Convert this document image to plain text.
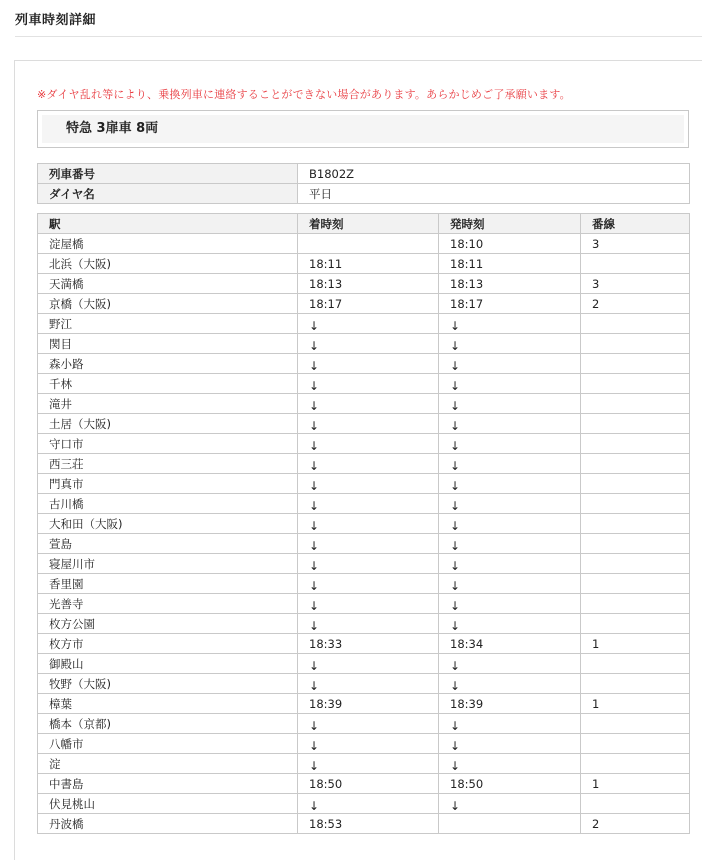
列車時刻詳細
※ダイヤ乱れ等により、乗換列車に連絡することができない場合があります。あらかじめご了承願います。
特急 3扉車 8両
列車番号	B1802Z
ダイヤ名	平日
駅	着時刻	発時刻	番線
淀屋橋		18:10	3
北浜（大阪)	18:11	18:11	
天満橋	18:13	18:13	3
京橋（大阪)	18:17	18:17	2
野江	↓	↓	
関目	↓	↓	
森小路	↓	↓	
千林	↓	↓	
滝井	↓	↓	
土居（大阪)	↓	↓	
守口市	↓	↓	
西三荘	↓	↓	
門真市	↓	↓	
古川橋	↓	↓	
大和田（大阪)	↓	↓	
萱島	↓	↓	
寝屋川市	↓	↓	
香里園	↓	↓	
光善寺	↓	↓	
枚方公園	↓	↓	
枚方市	18:33	18:34	1
御殿山	↓	↓	
牧野（大阪)	↓	↓	
樟葉	18:39	18:39	1
橋本（京都)	↓	↓	
八幡市	↓	↓	
淀	↓	↓	
中書島	18:50	18:50	1
伏見桃山	↓	↓	
丹波橋	18:53		2
